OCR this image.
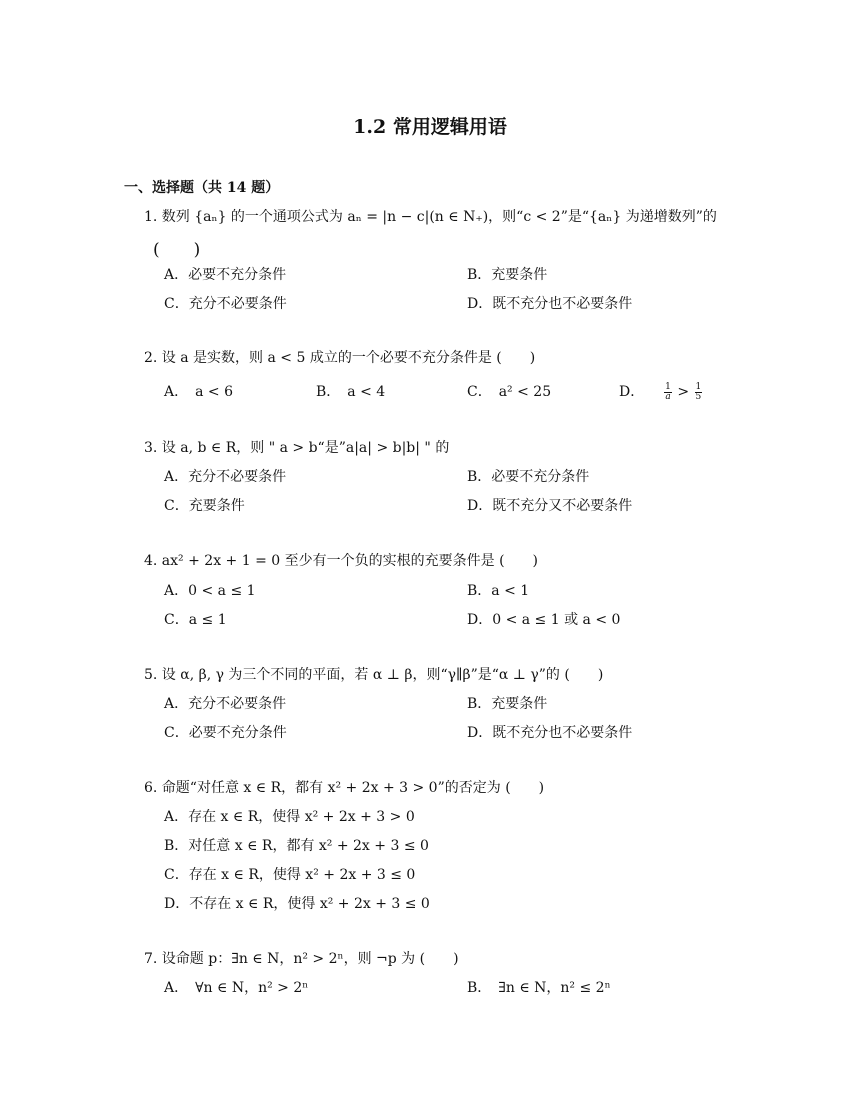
1.2 常用逻辑用语
一、选择题（共 14 题）
1. 数列 {aₙ} 的一个通项公式为 aₙ = |n − c|(n ∈ N₊)，则“c < 2”是“{aₙ} 为递增数列”的
(　　)
A．必要不充分条件	B．充要条件
C．充分不必要条件	D．既不充分也不必要条件
2. 设 a 是实数，则 a < 5 成立的一个必要不充分条件是 (　　)
A．　a < 6	B．　a < 4	C．　a² < 25	D． $\frac{1}{a} > \frac{1}{5}$
3. 设 a, b ∈ R，则 " a > b“是”a|a| > b|b| " 的
A．充分不必要条件	B．必要不充分条件
C．充要条件	D．既不充分又不必要条件
4. ax² + 2x + 1 = 0 至少有一个负的实根的充要条件是 (　　)
A．0 < a ≤ 1	B．a < 1
C．a ≤ 1	D．0 < a ≤ 1 或 a < 0
5. 设 α, β, γ 为三个不同的平面，若 α ⊥ β，则“γ∥β”是“α ⊥ γ”的 (　　)
A．充分不必要条件	B．充要条件
C．必要不充分条件	D．既不充分也不必要条件
6. 命题“对任意 x ∈ R，都有 x² + 2x + 3 > 0”的否定为 (　　)
A．存在 x ∈ R，使得 x² + 2x + 3 > 0
B．对任意 x ∈ R，都有 x² + 2x + 3 ≤ 0
C．存在 x ∈ R，使得 x² + 2x + 3 ≤ 0
D．不存在 x ∈ R，使得 x² + 2x + 3 ≤ 0
7. 设命题 p：∃n ∈ N，n² > 2ⁿ，则 ¬p 为 (　　)
A．　∀n ∈ N，n² > 2ⁿ	B．　∃n ∈ N，n² ≤ 2ⁿ
